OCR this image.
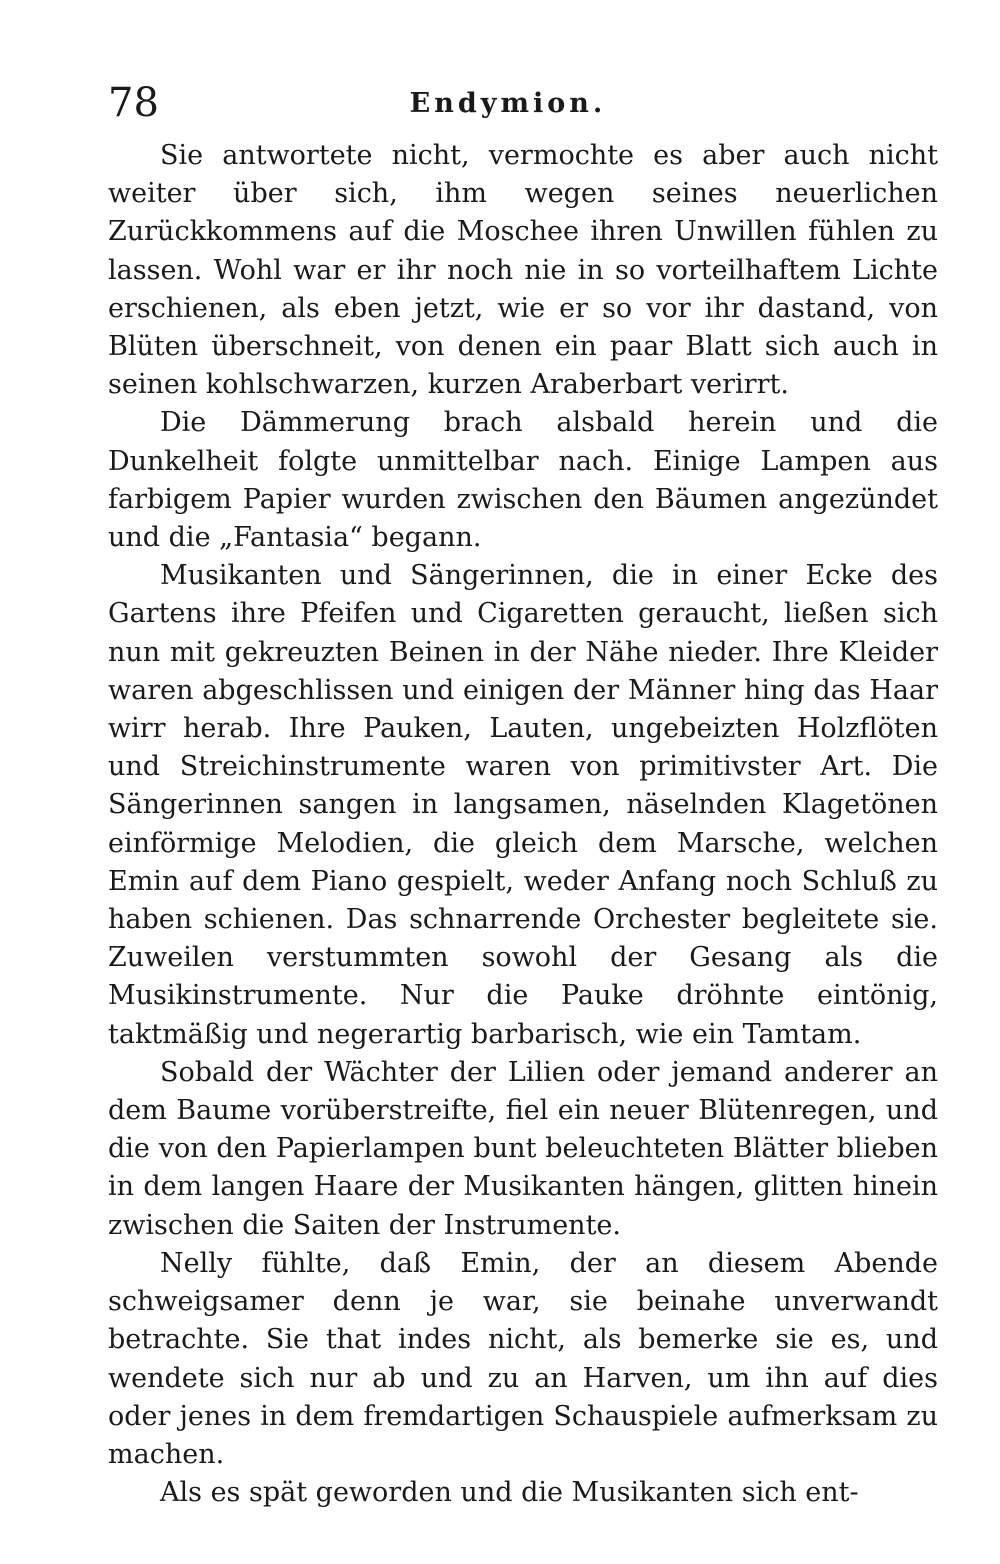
78	Endymion.

Sie antwortete nicht, vermochte es aber auch nicht weiter über sich, ihm wegen seines neuerlichen Zurückkommens auf die Moschee ihren Unwillen fühlen zu lassen. Wohl war er ihr noch nie in so vorteilhaftem Lichte erschienen, als eben jetzt, wie er so vor ihr dastand, von Blüten überschneit, von denen ein paar Blatt sich auch in seinen kohlschwarzen, kurzen Araberbart verirrt.

Die Dämmerung brach alsbald herein und die Dunkelheit folgte unmittelbar nach. Einige Lampen aus farbigem Papier wurden zwischen den Bäumen angezündet und die „Fantasia“ begann.

Musikanten und Sängerinnen, die in einer Ecke des Gartens ihre Pfeifen und Cigaretten geraucht, ließen sich nun mit gekreuzten Beinen in der Nähe nieder. Ihre Kleider waren abgeschlissen und einigen der Männer hing das Haar wirr herab. Ihre Pauken, Lauten, ungebeizten Holzflöten und Streichinstrumente waren von primitivster Art. Die Sängerinnen sangen in langsamen, näselnden Klagetönen einförmige Melodien, die gleich dem Marsche, welchen Emin auf dem Piano gespielt, weder Anfang noch Schluß zu haben schienen. Das schnarrende Orchester begleitete sie. Zuweilen verstummten sowohl der Gesang als die Musikinstrumente. Nur die Pauke dröhnte eintönig, taktmäßig und negerartig barbarisch, wie ein Tamtam.

Sobald der Wächter der Lilien oder jemand anderer an dem Baume vorüberstreifte, fiel ein neuer Blütenregen, und die von den Papierlampen bunt beleuchteten Blätter blieben in dem langen Haare der Musikanten hängen, glitten hinein zwischen die Saiten der Instrumente.

Nelly fühlte, daß Emin, der an diesem Abende schweigsamer denn je war, sie beinahe unverwandt betrachte. Sie that indes nicht, als bemerke sie es, und wendete sich nur ab und zu an Harven, um ihn auf dies oder jenes in dem fremdartigen Schauspiele aufmerksam zu machen.

Als es spät geworden und die Musikanten sich ent-
